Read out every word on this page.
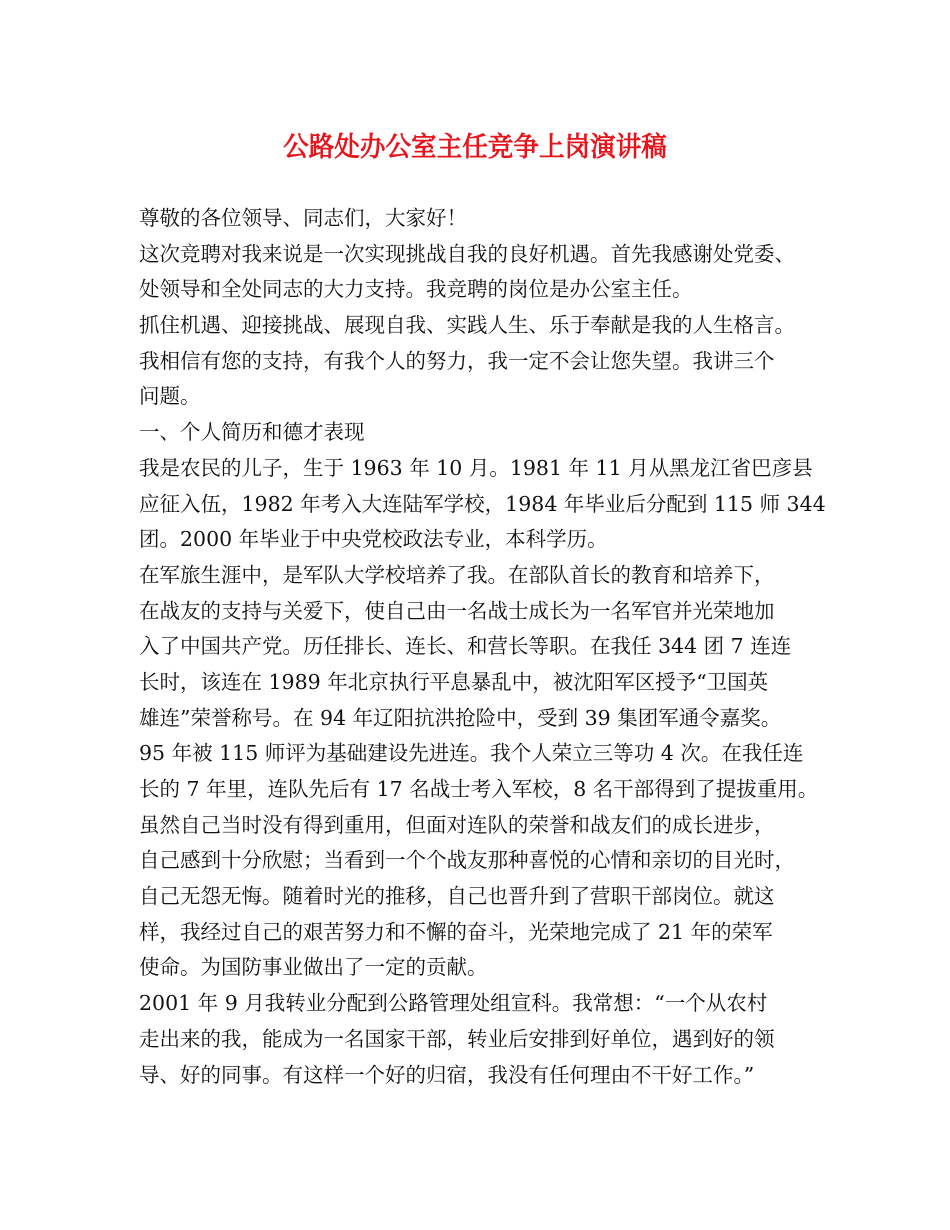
公路处办公室主任竞争上岗演讲稿
尊敬的各位领导、同志们，大家好！
这次竞聘对我来说是一次实现挑战自我的良好机遇。首先我感谢处党委、
处领导和全处同志的大力支持。我竞聘的岗位是办公室主任。
抓住机遇、迎接挑战、展现自我、实践人生、乐于奉献是我的人生格言。
我相信有您的支持，有我个人的努力，我一定不会让您失望。我讲三个
问题。
一、个人简历和德才表现
我是农民的儿子，生于 1963 年 10 月。1981 年 11 月从黑龙江省巴彦县
应征入伍，1982 年考入大连陆军学校，1984 年毕业后分配到 115 师 344
团。2000 年毕业于中央党校政法专业，本科学历。
在军旅生涯中，是军队大学校培养了我。在部队首长的教育和培养下，
在战友的支持与关爱下，使自己由一名战士成长为一名军官并光荣地加
入了中国共产党。历任排长、连长、和营长等职。在我任 344 团 7 连连
长时，该连在 1989 年北京执行平息暴乱中，被沈阳军区授予“卫国英
雄连”荣誉称号。在 94 年辽阳抗洪抢险中，受到 39 集团军通令嘉奖。
95 年被 115 师评为基础建设先进连。我个人荣立三等功 4 次。在我任连
长的 7 年里，连队先后有 17 名战士考入军校，8 名干部得到了提拔重用。
虽然自己当时没有得到重用，但面对连队的荣誉和战友们的成长进步，
自己感到十分欣慰；当看到一个个战友那种喜悦的心情和亲切的目光时，
自己无怨无悔。随着时光的推移，自己也晋升到了营职干部岗位。就这
样，我经过自己的艰苦努力和不懈的奋斗，光荣地完成了 21 年的荣军
使命。为国防事业做出了一定的贡献。
2001 年 9 月我转业分配到公路管理处组宣科。我常想：“一个从农村
走出来的我，能成为一名国家干部，转业后安排到好单位，遇到好的领
导、好的同事。有这样一个好的归宿，我没有任何理由不干好工作。”
